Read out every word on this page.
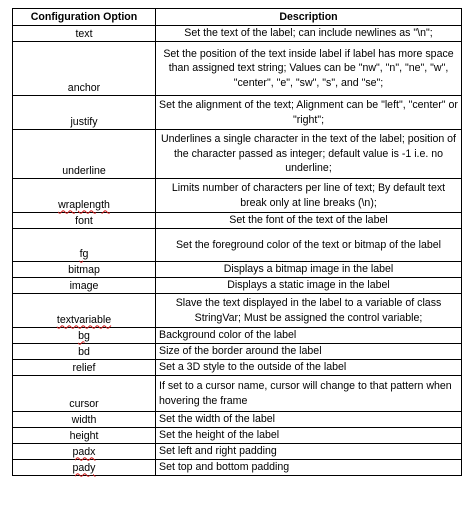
Configuration Option	Description
text	Set the text of the label; can include newlines as "\n";
anchor	Set the position of the text inside label if label has more space than assigned text string; Values can be "nw", "n", "ne", "w", "center", "e", "sw", "s", and "se";
justify	Set the alignment of the text; Alignment can be "left", "center" or "right";
underline	Underlines a single character in the text of the label; position of the character passed as integer; default value is -1 i.e. no underline;
wraplength	Limits number of characters per line of text; By default text break only at line breaks (\n);
font	Set the font of the text of the label
fg	Set the foreground color of the text or bitmap of the label
bitmap	Displays a bitmap image in the label
image	Displays a static image in the label
textvariable	Slave the text displayed in the label to a variable of class StringVar; Must be assigned the control variable;
bg	Background color of the label
bd	Size of the border around the label
relief	Set a 3D style to the outside of the label
cursor	If set to a cursor name, cursor will change to that pattern when hovering the frame
width	Set the width of the label
height	Set the height of the label
padx	Set left and right padding
pady	Set top and bottom padding
